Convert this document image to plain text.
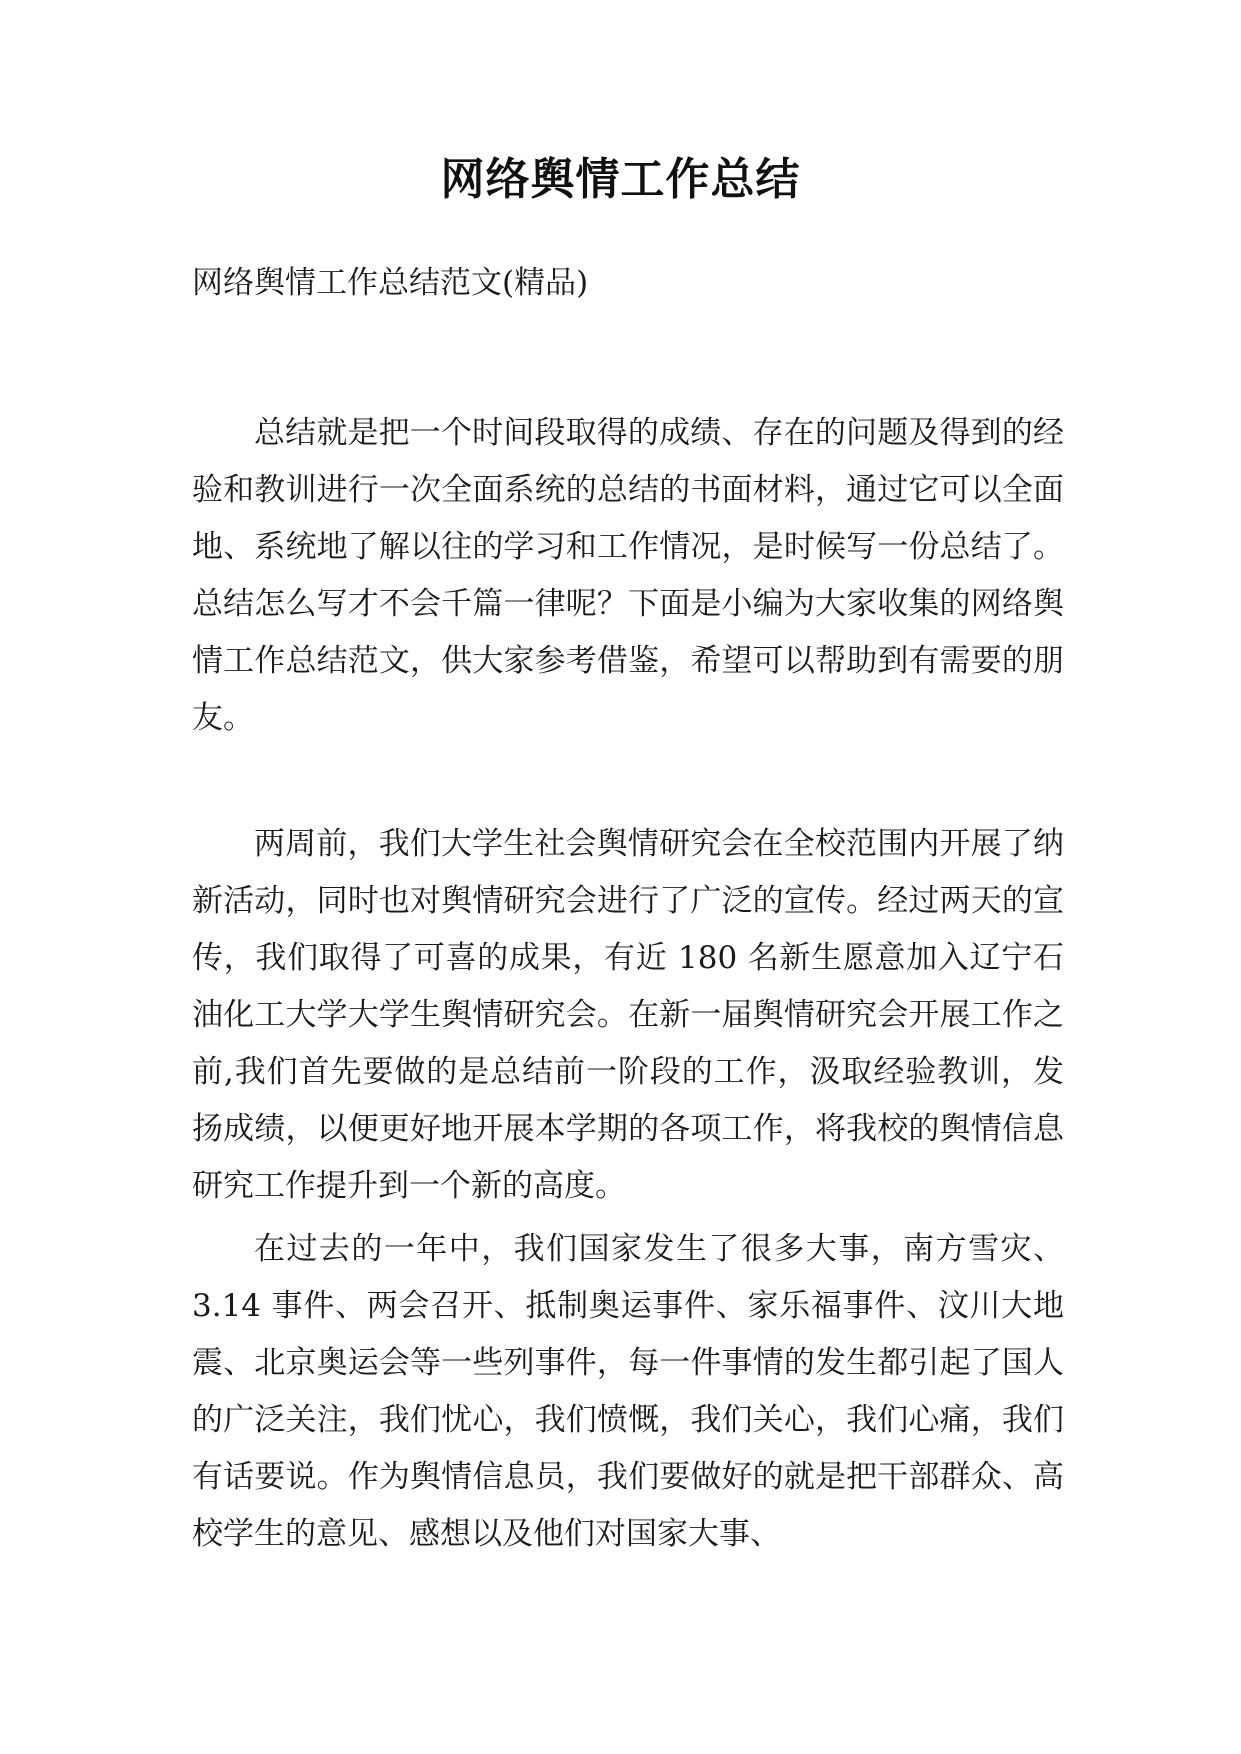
网络舆情工作总结

网络舆情工作总结范文(精品)

总结就是把一个时间段取得的成绩、存在的问题及得到的经验和教训进行一次全面系统的总结的书面材料，通过它可以全面地、系统地了解以往的学习和工作情况，是时候写一份总结了。总结怎么写才不会千篇一律呢？下面是小编为大家收集的网络舆情工作总结范文，供大家参考借鉴，希望可以帮助到有需要的朋友。

两周前，我们大学生社会舆情研究会在全校范围内开展了纳新活动，同时也对舆情研究会进行了广泛的宣传。经过两天的宣传，我们取得了可喜的成果，有近 180 名新生愿意加入辽宁石油化工大学大学生舆情研究会。在新一届舆情研究会开展工作之前,我们首先要做的是总结前一阶段的工作，汲取经验教训，发扬成绩，以便更好地开展本学期的各项工作，将我校的舆情信息研究工作提升到一个新的高度。

在过去的一年中，我们国家发生了很多大事，南方雪灾、3.14 事件、两会召开、抵制奥运事件、家乐福事件、汶川大地震、北京奥运会等一些列事件，每一件事情的发生都引起了国人的广泛关注，我们忧心，我们愤慨，我们关心，我们心痛，我们有话要说。作为舆情信息员，我们要做好的就是把干部群众、高校学生的意见、感想以及他们对国家大事、
